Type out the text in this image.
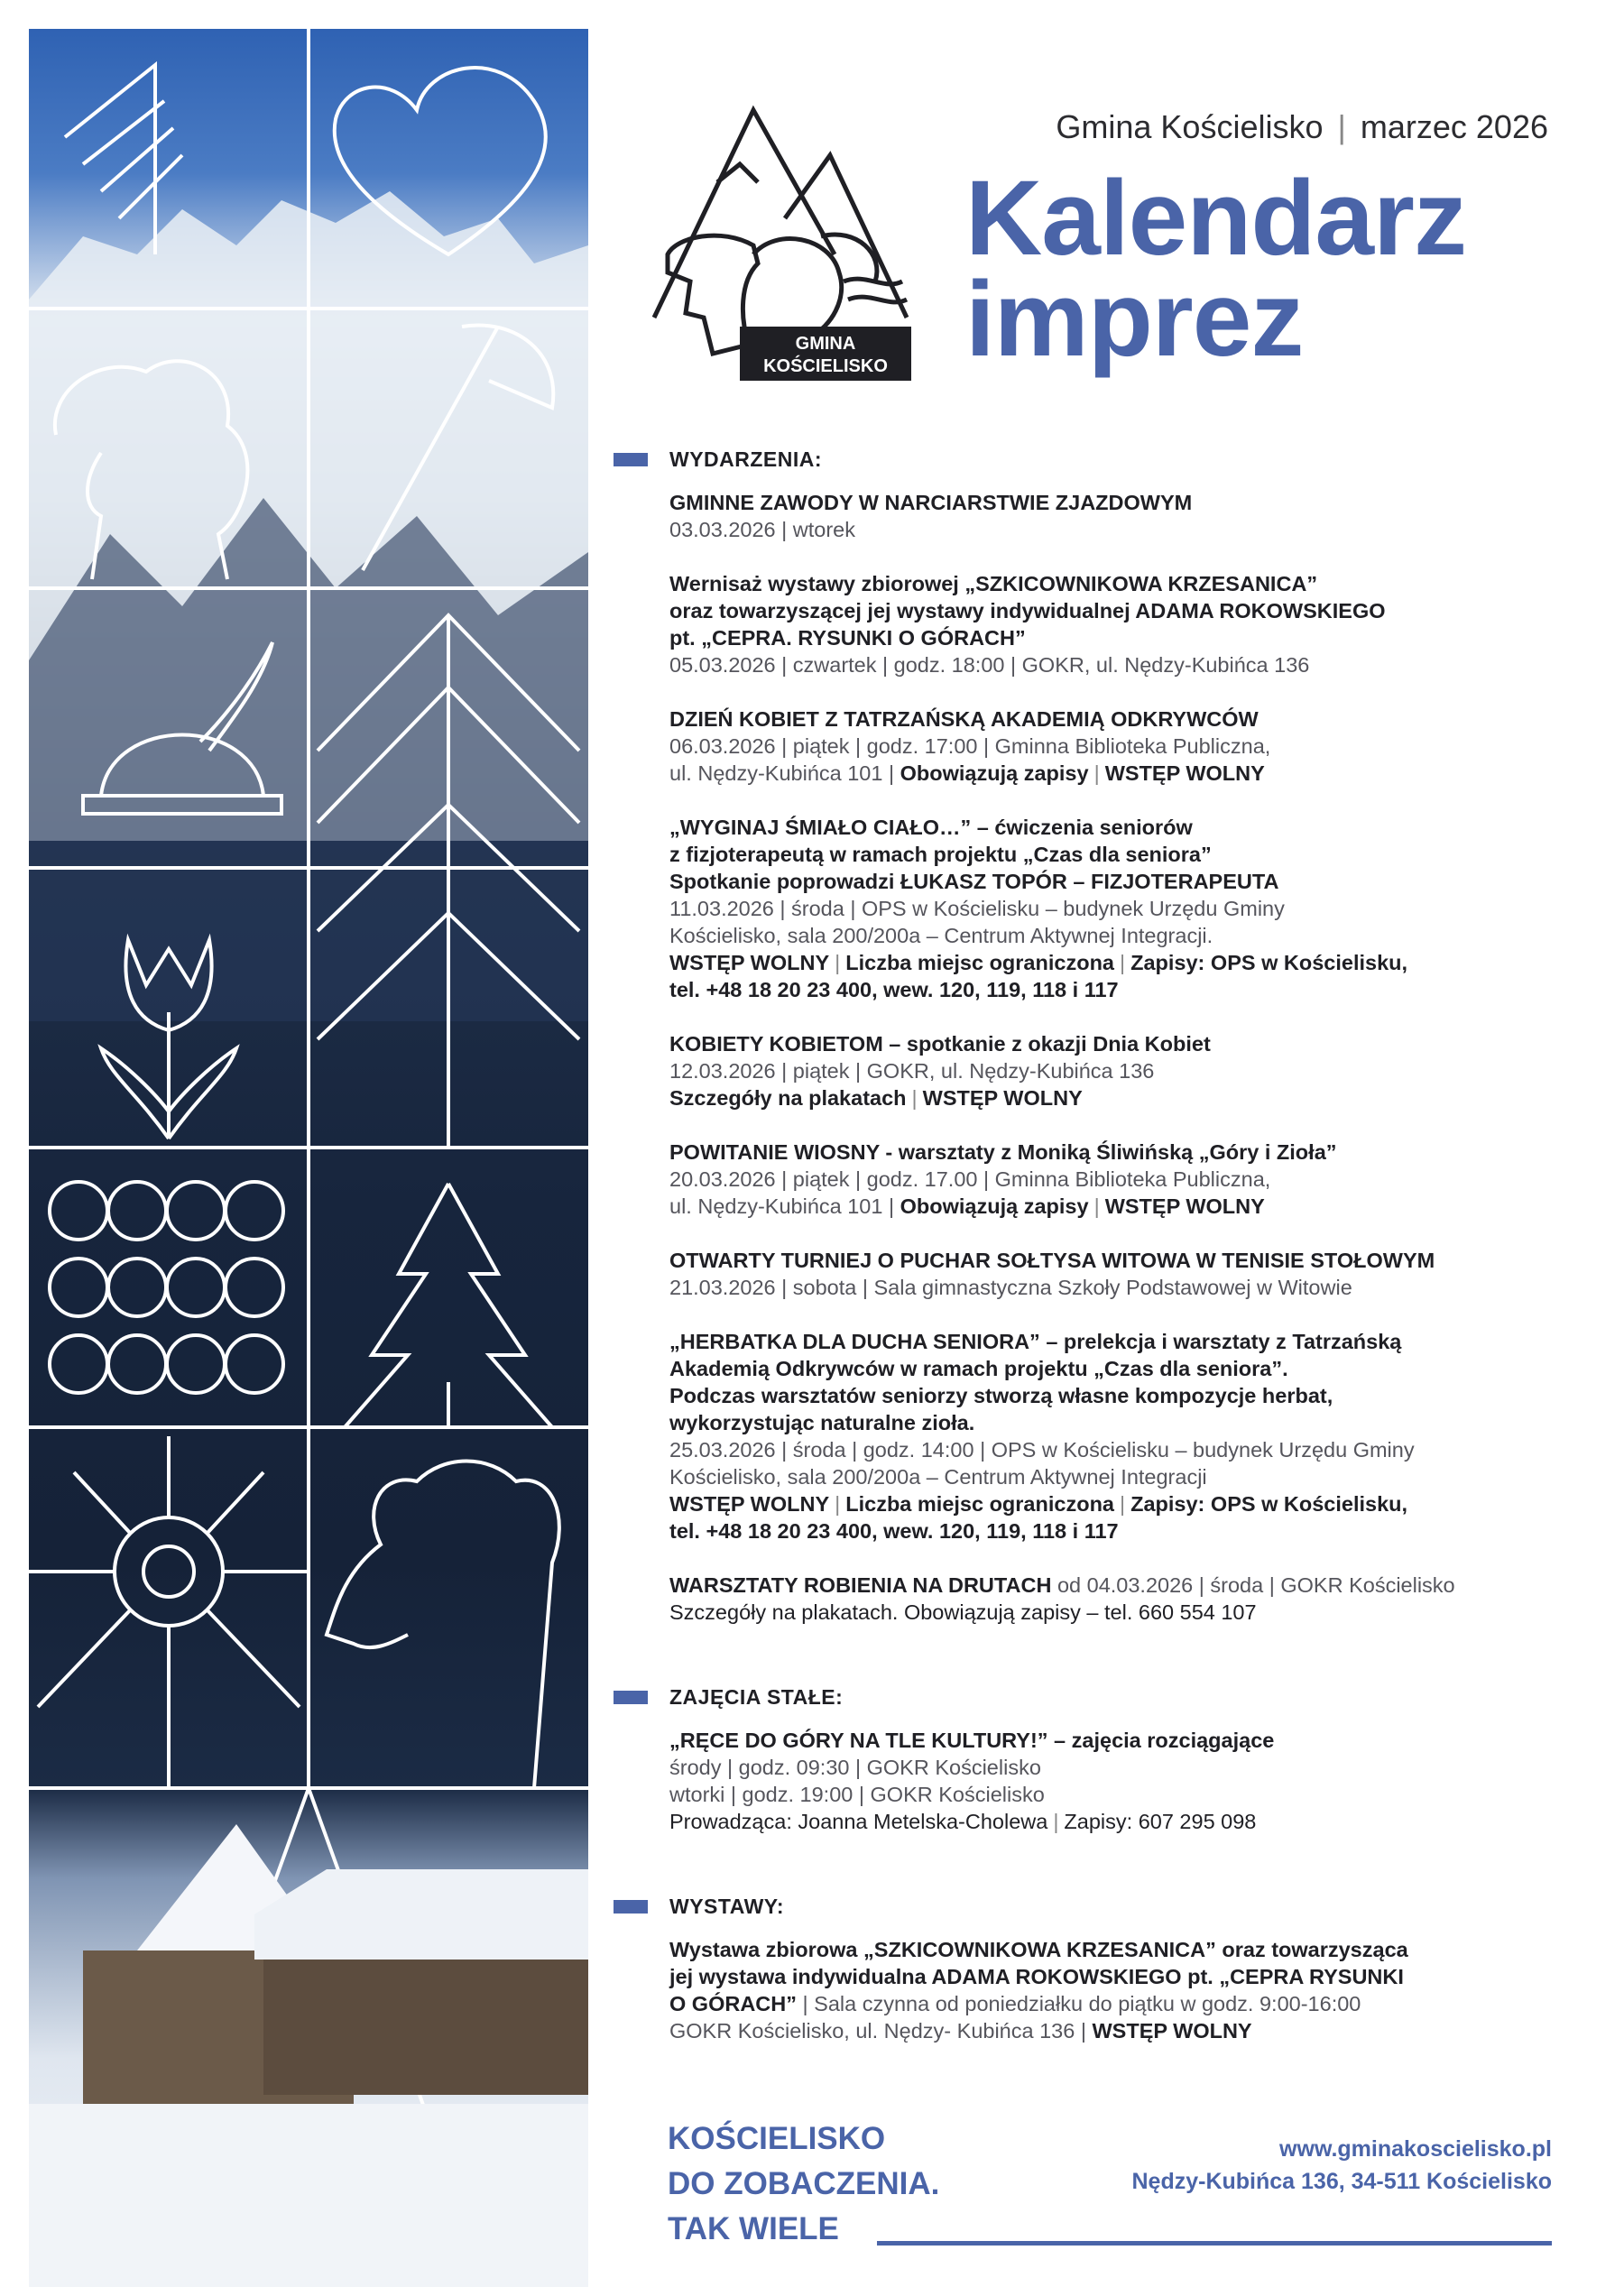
GMINA
KOŚCIELISKO
Gmina Kościelisko | marzec 2026
Kalendarz
imprez
WYDARZENIA:
GMINNE ZAWODY W NARCIARSTWIE ZJAZDOWYM
03.03.2026 | wtorek
Wernisaż wystawy zbiorowej „SZKICOWNIKOWA KRZESANICA”
oraz towarzyszącej jej wystawy indywidualnej ADAMA ROKOWSKIEGO
pt. „CEPRA. RYSUNKI O GÓRACH”
05.03.2026 | czwartek | godz. 18:00 | GOKR, ul. Nędzy-Kubińca 136
DZIEŃ KOBIET Z TATRZAŃSKĄ AKADEMIĄ ODKRYWCÓW
06.03.2026 | piątek | godz. 17:00 | Gminna Biblioteka Publiczna,
ul. Nędzy-Kubińca 101 | Obowiązują zapisy | WSTĘP WOLNY
„WYGINAJ ŚMIAŁO CIAŁO…” – ćwiczenia seniorów
z fizjoterapeutą w ramach projektu „Czas dla seniora”
Spotkanie poprowadzi ŁUKASZ TOPÓR – FIZJOTERAPEUTA
11.03.2026 | środa | OPS w Kościelisku – budynek Urzędu Gminy
Kościelisko, sala 200/200a – Centrum Aktywnej Integracji.
WSTĘP WOLNY | Liczba miejsc ograniczona | Zapisy: OPS w Kościelisku,
tel. +48 18 20 23 400, wew. 120, 119, 118 i 117
KOBIETY KOBIETOM – spotkanie z okazji Dnia Kobiet
12.03.2026 | piątek | GOKR, ul. Nędzy-Kubińca 136
Szczegóły na plakatach | WSTĘP WOLNY
POWITANIE WIOSNY - warsztaty z Moniką Śliwińską „Góry i Zioła”
20.03.2026 | piątek | godz. 17.00 | Gminna Biblioteka Publiczna,
ul. Nędzy-Kubińca 101 | Obowiązują zapisy | WSTĘP WOLNY
OTWARTY TURNIEJ O PUCHAR SOŁTYSA WITOWA W TENISIE STOŁOWYM
21.03.2026 | sobota | Sala gimnastyczna Szkoły Podstawowej w Witowie
„HERBATKA DLA DUCHA SENIORA” – prelekcja i warsztaty z Tatrzańską
Akademią Odkrywców w ramach projektu „Czas dla seniora”.
Podczas warsztatów seniorzy stworzą własne kompozycje herbat,
wykorzystując naturalne zioła.
25.03.2026 | środa | godz. 14:00 | OPS w Kościelisku – budynek Urzędu Gminy
Kościelisko, sala 200/200a – Centrum Aktywnej Integracji
WSTĘP WOLNY | Liczba miejsc ograniczona | Zapisy: OPS w Kościelisku,
tel. +48 18 20 23 400, wew. 120, 119, 118 i 117
WARSZTATY ROBIENIA NA DRUTACH od 04.03.2026 | środa | GOKR Kościelisko
Szczegóły na plakatach. Obowiązują zapisy – tel. 660 554 107
ZAJĘCIA STAŁE:
„RĘCE DO GÓRY NA TLE KULTURY!” – zajęcia rozciągające
środy | godz. 09:30 | GOKR Kościelisko
wtorki | godz. 19:00 | GOKR Kościelisko
Prowadząca: Joanna Metelska-Cholewa | Zapisy: 607 295 098
WYSTAWY:
Wystawa zbiorowa „SZKICOWNIKOWA KRZESANICA” oraz towarzysząca
jej wystawa indywidualna ADAMA ROKOWSKIEGO pt. „CEPRA RYSUNKI
O GÓRACH” | Sala czynna od poniedziałku do piątku w godz. 9:00-16:00
GOKR Kościelisko, ul. Nędzy- Kubińca 136 | WSTĘP WOLNY
KOŚCIELISKO
DO ZOBACZENIA.
TAK WIELE
www.gminakoscielisko.pl
Nędzy-Kubińca 136, 34-511 Kościelisko
